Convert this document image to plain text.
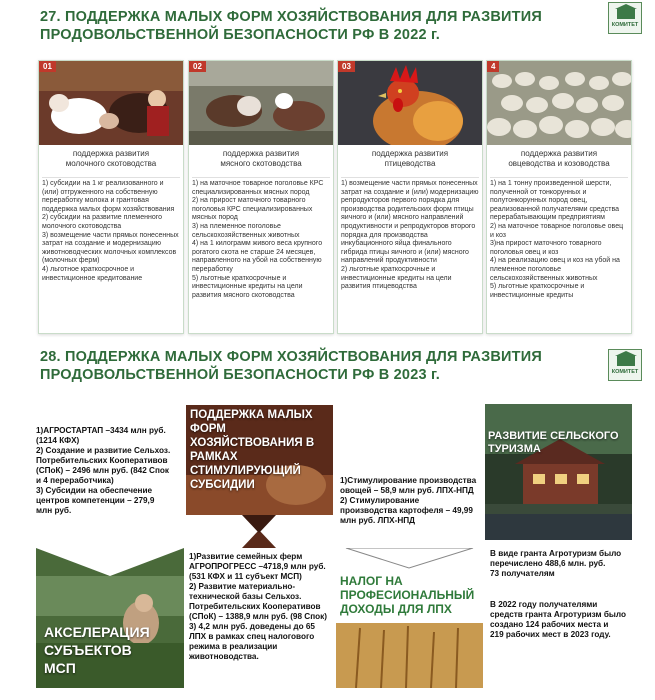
27. ПОДДЕРЖКА МАЛЫХ ФОРМ ХОЗЯЙСТВОВАНИЯ ДЛЯ РАЗВИТИЯ
ПРОДОВОЛЬСТВЕННОЙ БЕЗОПАСНОСТИ РФ В 2022 г.
КОМИТЕТ
01
поддержка развития
молочного скотоводства

1) субсидии на 1 кг реализованного и (или) отгруженного на собственную переработку молока и грантовая поддержка малых форм хозяйствования
2) субсидии на развитие племенного молочного скотоводства
3) возмещение части прямых понесенных затрат на создание и модернизацию животноводческих молочных комплексов (молочных ферм)
4) льготное краткосрочное и инвестиционное кредитование

02
поддержка развития
мясного скотоводства

1) на маточное товарное поголовье КРС специализированных мясных пород
2) на прирост маточного товарного поголовья КРС специализированных мясных пород
3) на племенное поголовье сельскохозяйственных животных
4) на 1 килограмм живого веса крупного рогатого скота не старше 24 месяцев, направленного на убой на собственную переработку
5) льготные краткосрочные и инвестиционные кредиты на цели развития мясного скотоводства

03
поддержка развития
птицеводства

1) возмещение части прямых понесенных затрат на создание и (или) модернизацию репродукторов первого порядка для производства родительских форм птицы яичного и (или) мясного направлений продуктивности и репродукторов второго порядка для производства инкубационного яйца финального гибрида птицы яичного и (или) мясного направлений продуктивности
2) льготные краткосрочные и инвестиционные кредиты на цели развития птицеводства

4
поддержка развития
овцеводства и козоводства

1) на 1 тонну произведенной шерсти, полученной от тонкорунных и полутонкорунных пород овец, реализованной получателями средства перерабатывающим предприятиям
2) на маточное товарное поголовье овец и коз
3)на прирост маточного товарного поголовья овец и коз
4) на реализацию овец и коз на убой на племенное поголовье сельскохозяйственных животных
5) льготные краткосрочные и инвестиционные кредиты

28. ПОДДЕРЖКА МАЛЫХ ФОРМ ХОЗЯЙСТВОВАНИЯ ДЛЯ РАЗВИТИЯ
ПРОДОВОЛЬСТВЕННОЙ БЕЗОПАСНОСТИ РФ В 2023 г.	КОМИТЕТ
1)АГРОСТАРТАП –3434 млн руб.
(1214 КФХ)
2) Создание и развитие Сельхоз.
Потребительских Кооперативов
(СПоК) – 2496 млн руб. (842 Спок
и 4 переработчика)
3) Субсидии на обеспечение
центров компетенции – 279,9
млн руб.
ПОДДЕРЖКА МАЛЫХ
ФОРМ
ХОЗЯЙСТВОВАНИЯ В
РАМКАХ
СТИМУЛИРУЮЩИЙ
СУБСИДИИ	1)Стимулирование производства
овощей – 58,9 млн руб. ЛПХ-НПД
2) Стимулирование
производства картофеля – 49,99
млн руб. ЛПХ-НПД
РАЗВИТИЕ СЕЛЬСКОГО
ТУРИЗМА
В виде гранта Агротуризм было
перечислено 488,6 млн. руб.
73 получателям
В 2022 году получателями
средств гранта Агротуризм было
создано 124 рабочих места и
219 рабочих мест в 2023 году.
АКСЕЛЕРАЦИЯ
СУБЪЕКТОВ
МСП
1)Развитие семейных ферм
АГРОПРОГРЕСС –4718,9 млн руб.
(531 КФХ и 11 субъект МСП)
2) Развитие материально-
технической базы Сельхоз.
Потребительских Кооперативов
(СПоК) – 1388,9 млн руб. (98 Спок)
3) 4,2 млн руб. доведены до 65
ЛПХ в рамках спец налогового
режима в реализации
животноводства.
НАЛОГ НА
ПРОФЕСИОНАЛЬНЫЙ
ДОХОДЫ ДЛЯ ЛПХ
